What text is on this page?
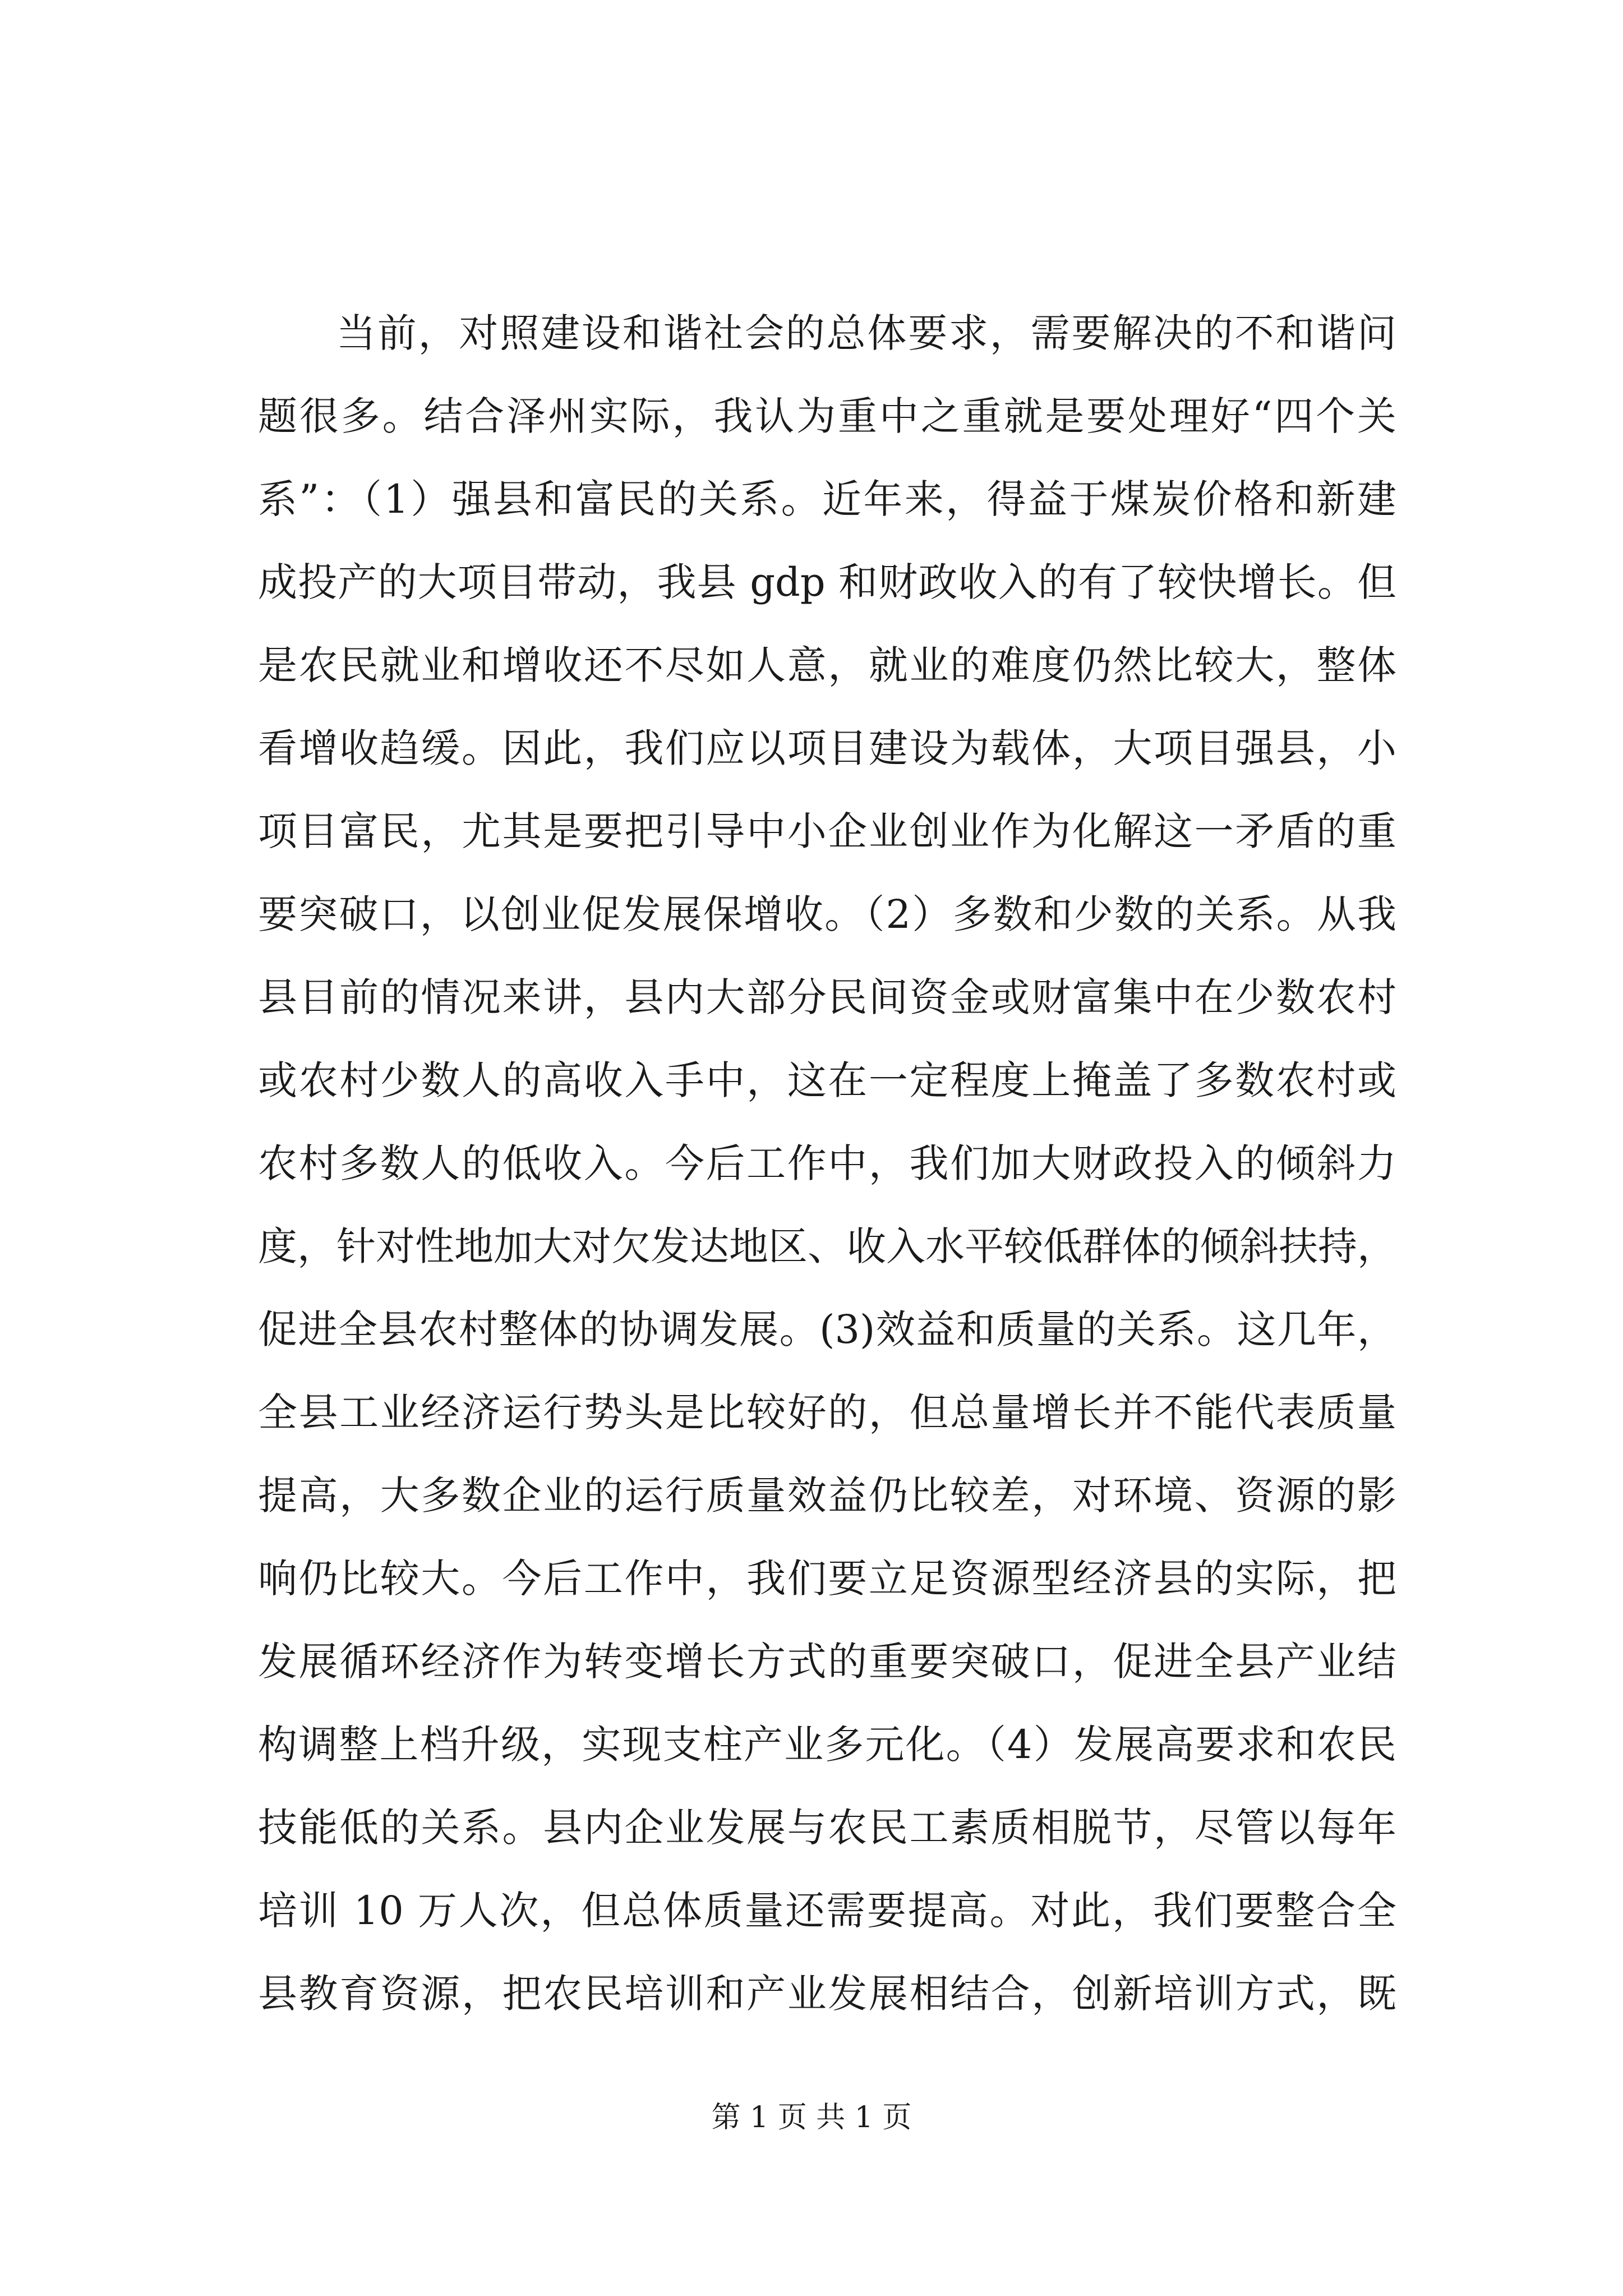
当前，对照建设和谐社会的总体要求，需要解决的不和谐问
题很多。结合泽州实际，我认为重中之重就是要处理好“四个关
系”：（1）强县和富民的关系。近年来，得益于煤炭价格和新建
成投产的大项目带动，我县 gdp 和财政收入的有了较快增长。但
是农民就业和增收还不尽如人意，就业的难度仍然比较大，整体
看增收趋缓。因此，我们应以项目建设为载体，大项目强县，小
项目富民，尤其是要把引导中小企业创业作为化解这一矛盾的重
要突破口，以创业促发展保增收。（2）多数和少数的关系。从我
县目前的情况来讲，县内大部分民间资金或财富集中在少数农村
或农村少数人的高收入手中，这在一定程度上掩盖了多数农村或
农村多数人的低收入。今后工作中，我们加大财政投入的倾斜力
度，针对性地加大对欠发达地区、收入水平较低群体的倾斜扶持，
促进全县农村整体的协调发展。(3)效益和质量的关系。这几年，
全县工业经济运行势头是比较好的，但总量增长并不能代表质量
提高，大多数企业的运行质量效益仍比较差，对环境、资源的影
响仍比较大。今后工作中，我们要立足资源型经济县的实际，把
发展循环经济作为转变增长方式的重要突破口，促进全县产业结
构调整上档升级，实现支柱产业多元化。（4）发展高要求和农民
技能低的关系。县内企业发展与农民工素质相脱节，尽管以每年
培训 10 万人次，但总体质量还需要提高。对此，我们要整合全
县教育资源，把农民培训和产业发展相结合，创新培训方式，既
第 1 页 共 1 页
